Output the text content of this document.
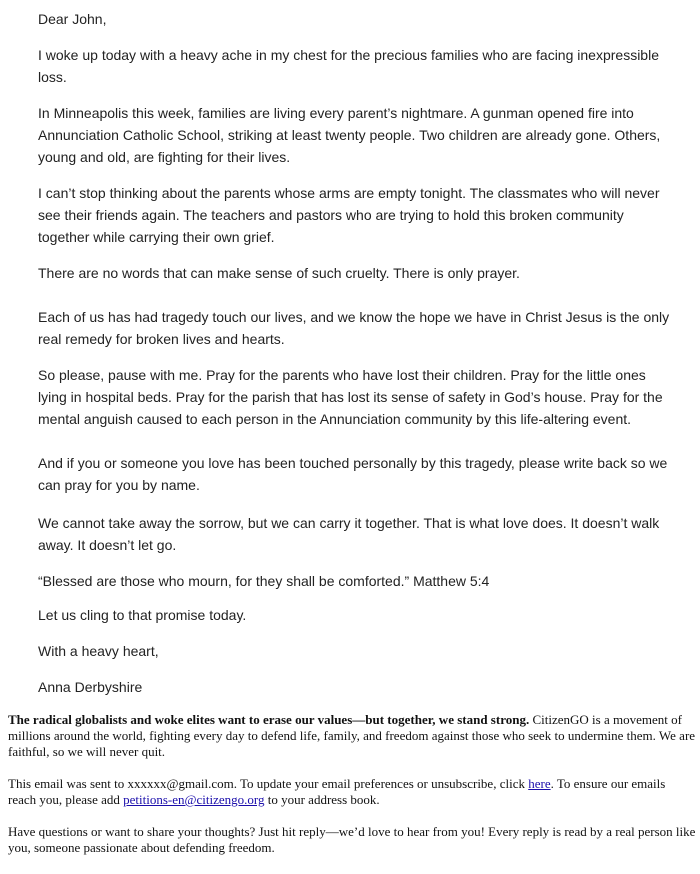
Dear John,

I woke up today with a heavy ache in my chest for the precious families who are facing inexpressible loss.

In Minneapolis this week, families are living every parent’s nightmare. A gunman opened fire into Annunciation Catholic School, striking at least twenty people. Two children are already gone. Others, young and old, are fighting for their lives.

I can’t stop thinking about the parents whose arms are empty tonight. The classmates who will never see their friends again. The teachers and pastors who are trying to hold this broken community together while carrying their own grief.

There are no words that can make sense of such cruelty. There is only prayer.

Each of us has had tragedy touch our lives, and we know the hope we have in Christ Jesus is the only real remedy for broken lives and hearts.

So please, pause with me. Pray for the parents who have lost their children. Pray for the little ones lying in hospital beds. Pray for the parish that has lost its sense of safety in God’s house. Pray for the mental anguish caused to each person in the Annunciation community by this life-altering event.

And if you or someone you love has been touched personally by this tragedy, please write back so we can pray for you by name.

We cannot take away the sorrow, but we can carry it together. That is what love does. It doesn’t walk away. It doesn’t let go.

“Blessed are those who mourn, for they shall be comforted.” Matthew 5:4

Let us cling to that promise today.

With a heavy heart,

Anna Derbyshire

The radical globalists and woke elites want to erase our values—but together, we stand strong. CitizenGO is a movement of millions around the world, fighting every day to defend life, family, and freedom against those who seek to undermine them. We are faithful, so we will never quit.

This email was sent to xxxxxx@gmail.com. To update your email preferences or unsubscribe, click here. To ensure our emails reach you, please add petitions-en@citizengo.org to your address book.

Have questions or want to share your thoughts? Just hit reply—we’d love to hear from you! Every reply is read by a real person like you, someone passionate about defending freedom.
